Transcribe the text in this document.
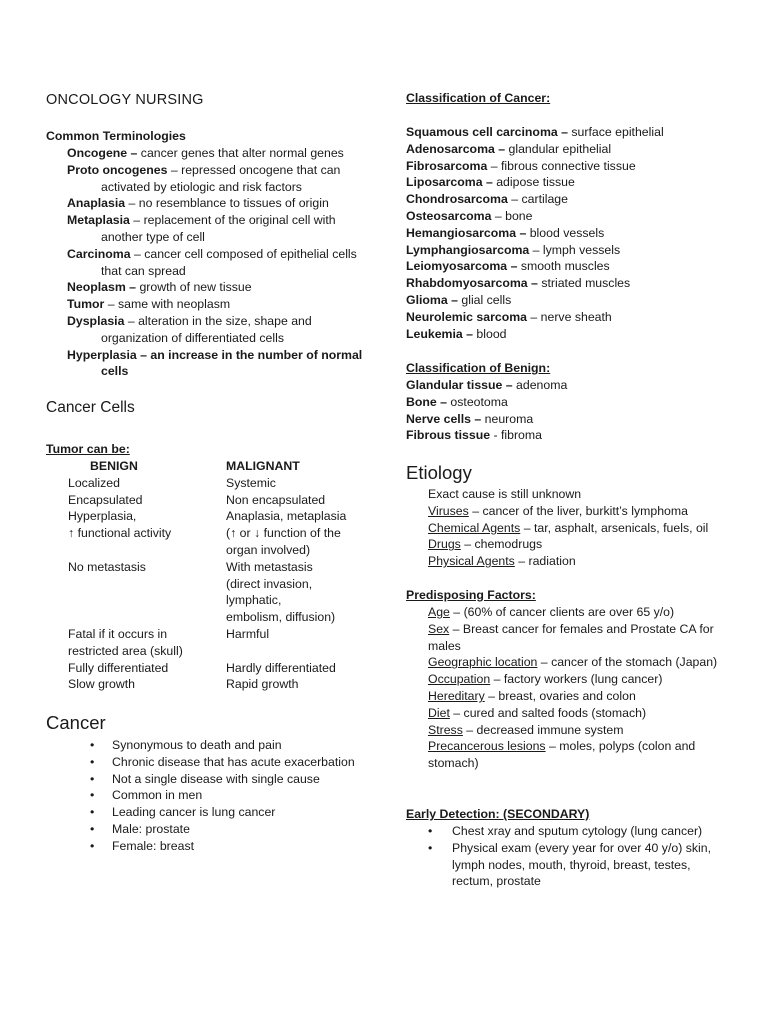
ONCOLOGY NURSING
Common Terminologies
Oncogene – cancer genes that alter normal genes
Proto oncogenes – repressed oncogene that can activated by etiologic and risk factors
Anaplasia – no resemblance to tissues of origin
Metaplasia – replacement of the original cell with another type of cell
Carcinoma – cancer cell composed of epithelial cells that can spread
Neoplasm – growth of new tissue
Tumor – same with neoplasm
Dysplasia – alteration in the size, shape and organization of differentiated cells
Hyperplasia – an increase in the number of normal cells
Cancer Cells
Tumor can be:
BENIGN	MALIGNANT
Localized	Systemic
Encapsulated	Non encapsulated
Hyperplasia,	Anaplasia, metaplasia
↑ functional activity	(↑ or ↓ function of the
organ involved)
No metastasis	With metastasis
(direct invasion,
lymphatic,
embolism, diffusion)
Fatal if it occurs in	Harmful
restricted area (skull)
Fully differentiated	Hardly differentiated
Slow growth	Rapid growth
Cancer
• Synonymous to death and pain
• Chronic disease that has acute exacerbation
• Not a single disease with single cause
• Common in men
• Leading cancer is lung cancer
• Male: prostate
• Female: breast
Classification of Cancer:
Squamous cell carcinoma – surface epithelial
Adenosarcoma – glandular epithelial
Fibrosarcoma – fibrous connective tissue
Liposarcoma – adipose tissue
Chondrosarcoma – cartilage
Osteosarcoma – bone
Hemangiosarcoma – blood vessels
Lymphangiosarcoma – lymph vessels
Leiomyosarcoma – smooth muscles
Rhabdomyosarcoma – striated muscles
Glioma – glial cells
Neurolemic sarcoma – nerve sheath
Leukemia – blood
Classification of Benign:
Glandular tissue – adenoma
Bone – osteotoma
Nerve cells – neuroma
Fibrous tissue - fibroma
Etiology
Exact cause is still unknown
Viruses – cancer of the liver, burkitt’s lymphoma
Chemical Agents – tar, asphalt, arsenicals, fuels, oil
Drugs – chemodrugs
Physical Agents – radiation
Predisposing Factors:
Age – (60% of cancer clients are over 65 y/o)
Sex – Breast cancer for females and Prostate CA for males
Geographic location – cancer of the stomach (Japan)
Occupation – factory workers (lung cancer)
Hereditary – breast, ovaries and colon
Diet – cured and salted foods (stomach)
Stress – decreased immune system
Precancerous lesions – moles, polyps (colon and stomach)
Early Detection: (SECONDARY)
• Chest xray and sputum cytology (lung cancer)
• Physical exam (every year for over 40 y/o) skin, lymph nodes, mouth, thyroid, breast, testes, rectum, prostate
